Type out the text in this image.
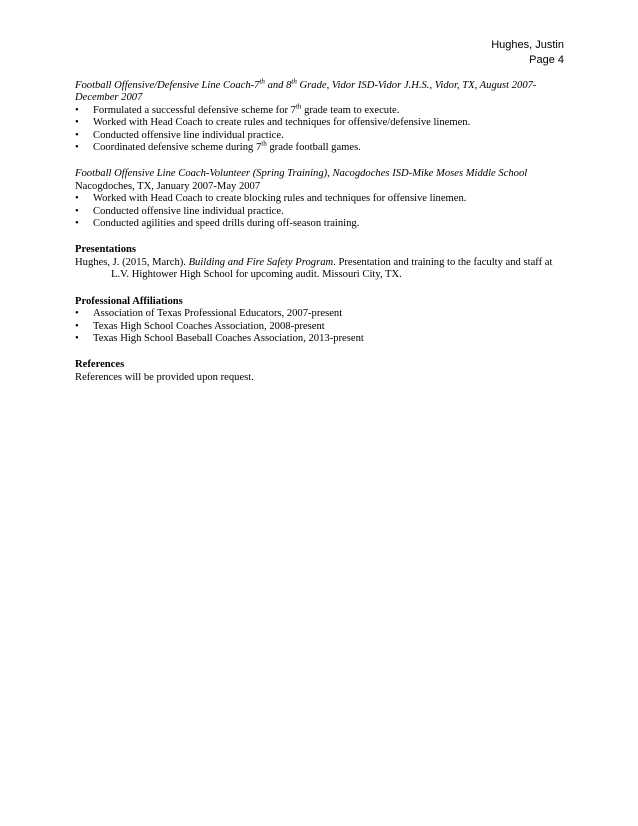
Hughes, Justin
Page 4
Football Offensive/Defensive Line Coach-7th and 8th Grade, Vidor ISD-Vidor J.H.S., Vidor, TX, August 2007-
December 2007
• Formulated a successful defensive scheme for 7th grade team to execute.
• Worked with Head Coach to create rules and techniques for offensive/defensive linemen.
• Conducted offensive line individual practice.
• Coordinated defensive scheme during 7th grade football games.
Football Offensive Line Coach-Volunteer (Spring Training), Nacogdoches ISD-Mike Moses Middle School
Nacogdoches, TX, January 2007-May 2007
• Worked with Head Coach to create blocking rules and techniques for offensive linemen.
• Conducted offensive line individual practice.
• Conducted agilities and speed drills during off-season training.
Presentations
Hughes, J. (2015, March). Building and Fire Safety Program. Presentation and training to the faculty and staff at
L.V. Hightower High School for upcoming audit. Missouri City, TX.
Professional Affiliations
• Association of Texas Professional Educators, 2007-present
• Texas High School Coaches Association, 2008-present
• Texas High School Baseball Coaches Association, 2013-present
References
References will be provided upon request.
